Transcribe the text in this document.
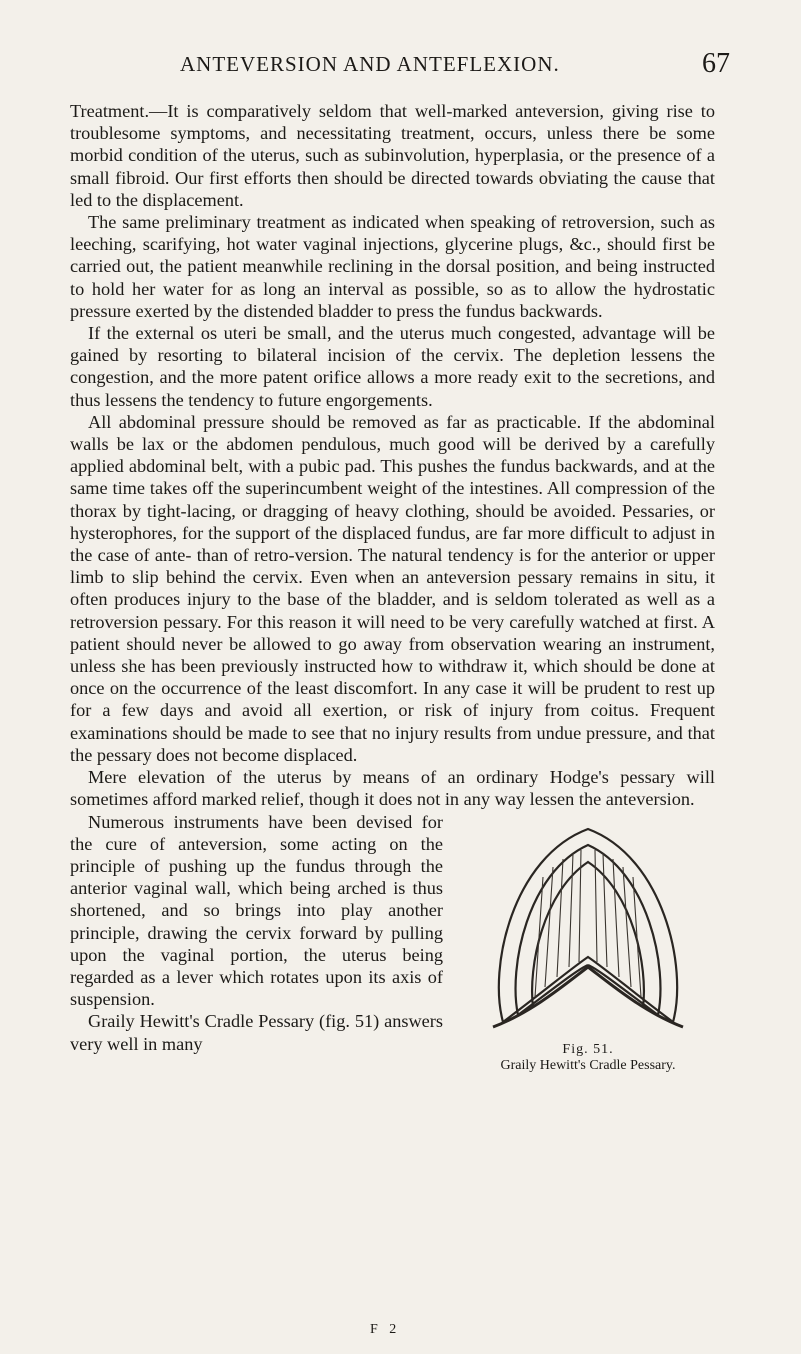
ANTEVERSION AND ANTEFLEXION.	67

Treatment.—It is comparatively seldom that well-marked anteversion, giving rise to troublesome symptoms, and necessitating treatment, occurs, unless there be some morbid condition of the uterus, such as subinvolution, hyperplasia, or the presence of a small fibroid. Our first efforts then should be directed towards obviating the cause that led to the displacement.

The same preliminary treatment as indicated when speaking of retroversion, such as leeching, scarifying, hot water vaginal injections, glycerine plugs, &c., should first be carried out, the patient meanwhile reclining in the dorsal position, and being instructed to hold her water for as long an interval as possible, so as to allow the hydrostatic pressure exerted by the distended bladder to press the fundus backwards.

If the external os uteri be small, and the uterus much congested, advantage will be gained by resorting to bilateral incision of the cervix. The depletion lessens the congestion, and the more patent orifice allows a more ready exit to the secretions, and thus lessens the tendency to future engorgements.

All abdominal pressure should be removed as far as practicable. If the abdominal walls be lax or the abdomen pendulous, much good will be derived by a carefully applied abdominal belt, with a pubic pad. This pushes the fundus backwards, and at the same time takes off the superincumbent weight of the intestines. All compression of the thorax by tight-lacing, or dragging of heavy clothing, should be avoided. Pessaries, or hysterophores, for the support of the displaced fundus, are far more difficult to adjust in the case of ante- than of retro-version. The natural tendency is for the anterior or upper limb to slip behind the cervix. Even when an anteversion pessary remains in situ, it often produces injury to the base of the bladder, and is seldom tolerated as well as a retroversion pessary. For this reason it will need to be very carefully watched at first. A patient should never be allowed to go away from observation wearing an instrument, unless she has been previously instructed how to withdraw it, which should be done at once on the occurrence of the least discomfort. In any case it will be prudent to rest up for a few days and avoid all exertion, or risk of injury from coitus. Frequent examinations should be made to see that no injury results from undue pressure, and that the pessary does not become displaced.

Mere elevation of the uterus by means of an ordinary Hodge's pessary will sometimes afford marked relief, though it does not in any way lessen the anteversion.

Fig. 51.
Graily Hewitt's Cradle Pessary.

Numerous instruments have been devised for the cure of anteversion, some acting on the principle of pushing up the fundus through the anterior vaginal wall, which being arched is thus shortened, and so brings into play another principle, drawing the cervix forward by pulling upon the vaginal portion, the uterus being regarded as a lever which rotates upon its axis of suspension.

Graily Hewitt's Cradle Pessary (fig. 51) answers very well in many

F 2
